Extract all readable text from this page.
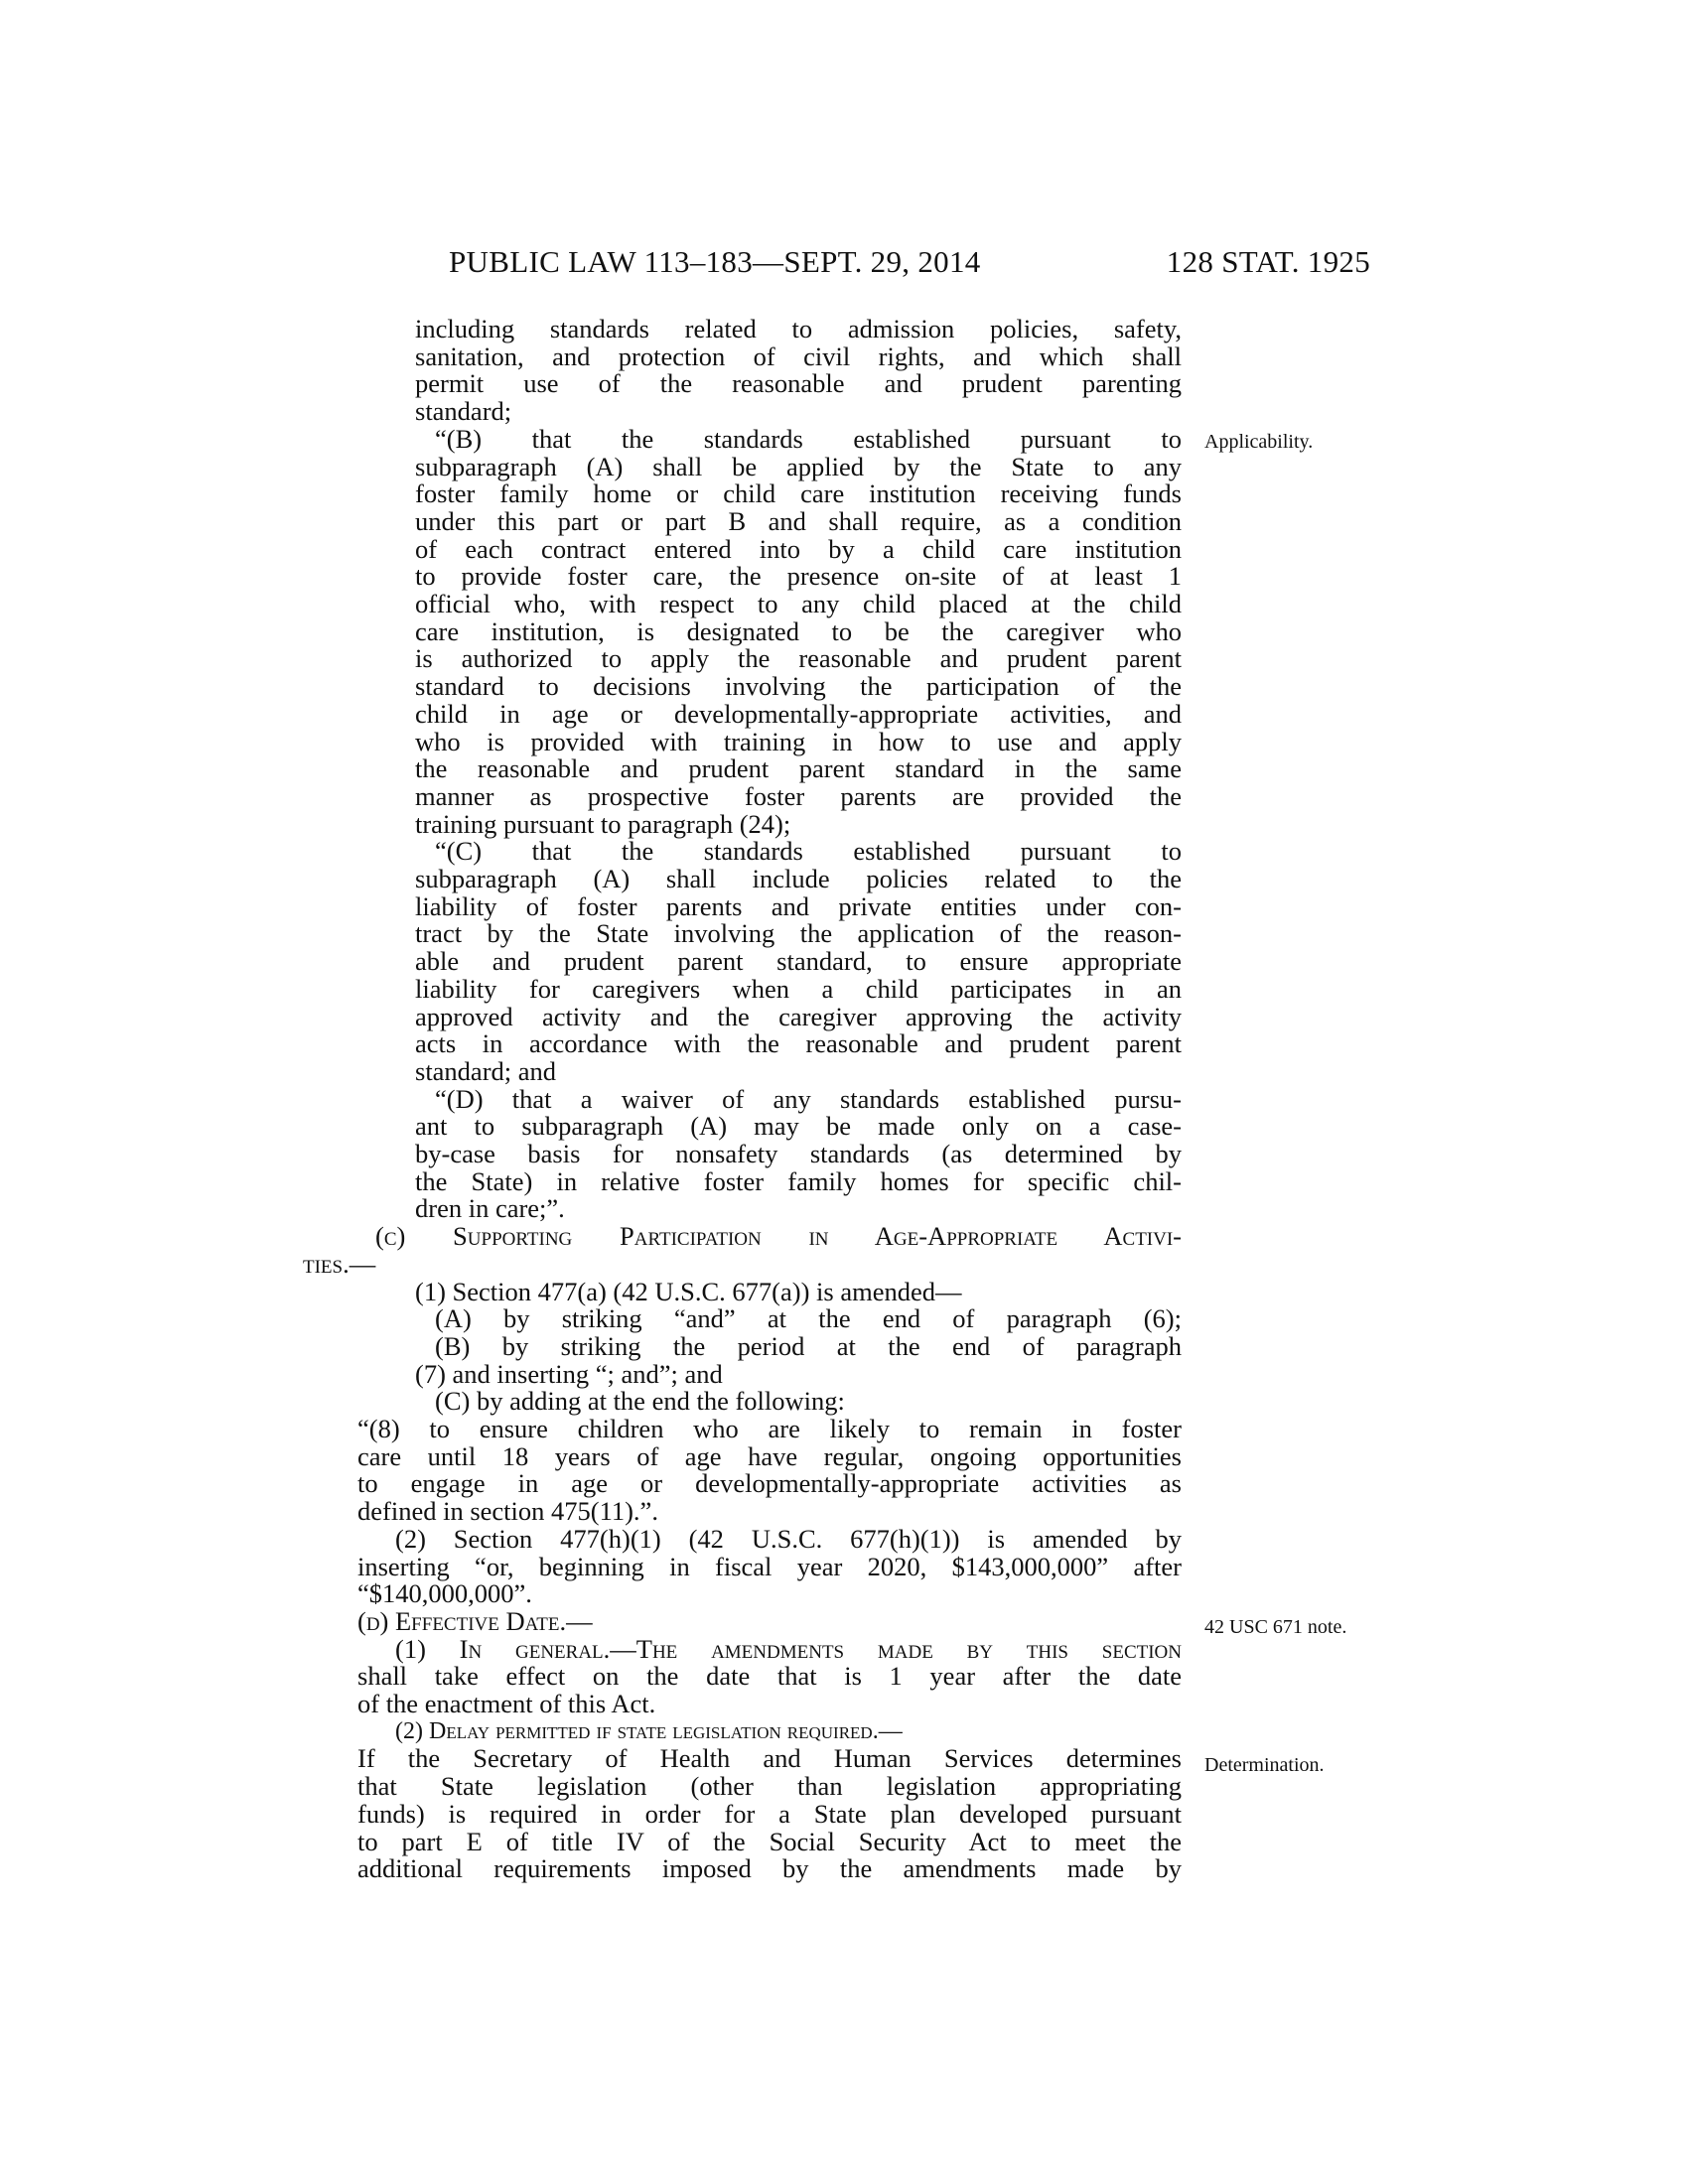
PUBLIC LAW 113–183—SEPT. 29, 2014	128 STAT. 1925
including standards related to admission policies, safety,
sanitation, and protection of civil rights, and which shall
permit use of the reasonable and prudent parenting
standard;
“(B) that the standards established pursuant to
subparagraph (A) shall be applied by the State to any
foster family home or child care institution receiving funds
under this part or part B and shall require, as a condition
of each contract entered into by a child care institution
to provide foster care, the presence on-site of at least 1
official who, with respect to any child placed at the child
care institution, is designated to be the caregiver who
is authorized to apply the reasonable and prudent parent
standard to decisions involving the participation of the
child in age or developmentally-appropriate activities, and
who is provided with training in how to use and apply
the reasonable and prudent parent standard in the same
manner as prospective foster parents are provided the
training pursuant to paragraph (24);
“(C) that the standards established pursuant to
subparagraph (A) shall include policies related to the
liability of foster parents and private entities under con-
tract by the State involving the application of the reason-
able and prudent parent standard, to ensure appropriate
liability for caregivers when a child participates in an
approved activity and the caregiver approving the activity
acts in accordance with the reasonable and prudent parent
standard; and
“(D) that a waiver of any standards established pursu-
ant to subparagraph (A) may be made only on a case-
by-case basis for nonsafety standards (as determined by
the State) in relative foster family homes for specific chil-
dren in care;”.
(c) Supporting Participation in Age-Appropriate Activi-
ties.—
(1) Section 477(a) (42 U.S.C. 677(a)) is amended—
(A) by striking “and” at the end of paragraph (6);
(B) by striking the period at the end of paragraph
(7) and inserting “; and”; and
(C) by adding at the end the following:
“(8) to ensure children who are likely to remain in foster
care until 18 years of age have regular, ongoing opportunities
to engage in age or developmentally-appropriate activities as
defined in section 475(11).”.
(2) Section 477(h)(1) (42 U.S.C. 677(h)(1)) is amended by
inserting “or, beginning in fiscal year 2020, $143,000,000” after
“$140,000,000”.
(d) Effective Date.—
(1) In general.—The amendments made by this section
shall take effect on the date that is 1 year after the date
of the enactment of this Act.
(2) Delay permitted if state legislation required.—
If the Secretary of Health and Human Services determines
that State legislation (other than legislation appropriating
funds) is required in order for a State plan developed pursuant
to part E of title IV of the Social Security Act to meet the
additional requirements imposed by the amendments made by
Applicability.
42 USC 671 note.
Determination.
